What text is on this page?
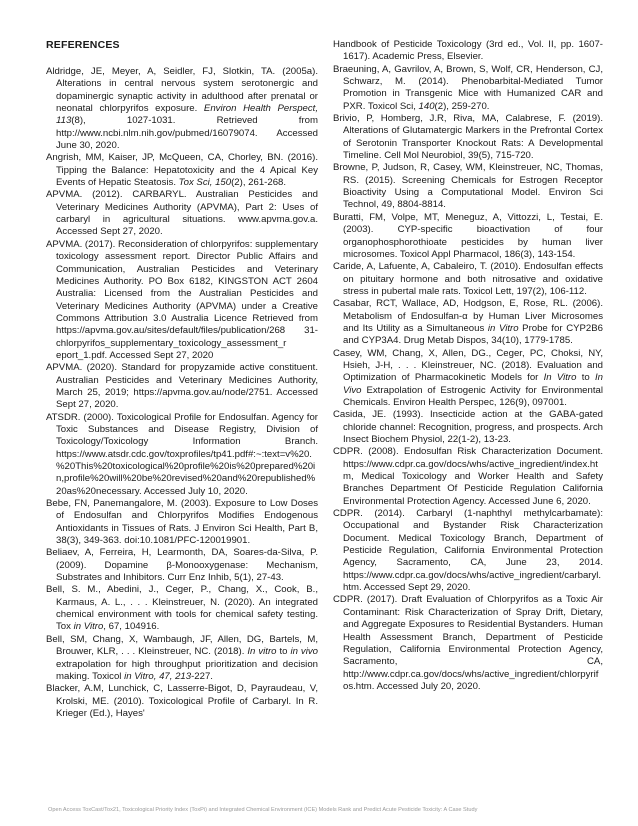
REFERENCES

Aldridge, JE, Meyer, A, Seidler, FJ, Slotkin, TA. (2005a). Alterations in central nervous system serotonergic and dopaminergic synaptic activity in adulthood after prenatal or neonatal chlorpyrifos exposure. Environ Health Perspect, 113(8), 1027-1031. Retrieved from http://www.ncbi.nlm.nih.gov/pubmed/16079074. Accessed June 30, 2020.

Angrish, MM, Kaiser, JP, McQueen, CA, Chorley, BN. (2016). Tipping the Balance: Hepatotoxicity and the 4 Apical Key Events of Hepatic Steatosis. Tox Sci, 150(2), 261-268.

APVMA. (2012). CARBARYL. Australian Pesticides and Veterinary Medicines Authority (APVMA), Part 2: Uses of carbaryl in agricultural situations. www.apvma.gov.a. Accessed Sept 27, 2020.

APVMA. (2017). Reconsideration of chlorpyrifos: supplementary toxicology assessment report. Director Public Affairs and Communication, Australian Pesticides and Veterinary Medicines Authority. PO Box 6182, KINGSTON ACT 2604 Australia: Licensed from the Australian Pesticides and Veterinary Medicines Authority (APVMA) under a Creative Commons Attribution 3.0 Australia Licence Retrieved from https://apvma.gov.au/sites/default/files/publication/268 31-chlorpyrifos_supplementary_toxicology_assessment_r eport_1.pdf. Accessed Sept 27, 2020

APVMA. (2020). Standard for propyzamide active constituent. Australian Pesticides and Veterinary Medicines Authority, March 25, 2019; https://apvma.gov.au/node/2751. Accessed Sept 27, 2020.

ATSDR. (2000). Toxicological Profile for Endosulfan. Agency for Toxic Substances and Disease Registry, Division of Toxicology/Toxicology Information Branch. https://www.atsdr.cdc.gov/toxprofiles/tp41.pdf#:~:text=v%20.%20This%20toxicological%20profile%20is%20prepared%20in,profile%20will%20be%20revised%20and%20republished%20as%20necessary. Accessed July 10, 2020.

Bebe, FN, Panemangalore, M. (2003). Exposure to Low Doses of Endosulfan and Chlorpyrifos Modifies Endogenous Antioxidants in Tissues of Rats. J Environ Sci Health, Part B, 38(3), 349-363. doi:10.1081/PFC-120019901.

Beliaev, A, Ferreira, H, Learmonth, DA, Soares-da-Silva, P. (2009). Dopamine β-Monooxygenase: Mechanism, Substrates and Inhibitors. Curr Enz Inhib, 5(1), 27-43.

Bell, S. M., Abedini, J., Ceger, P., Chang, X., Cook, B., Karmaus, A. L., . . . Kleinstreuer, N. (2020). An integrated chemical environment with tools for chemical safety testing. Tox in Vitro, 67, 104916.

Bell, SM, Chang, X, Wambaugh, JF, Allen, DG, Bartels, M, Brouwer, KLR, . . . Kleinstreuer, NC. (2018). In vitro to in vivo extrapolation for high throughput prioritization and decision making. Toxicol in Vitro, 47, 213-227.

Blacker, A.M, Lunchick, C, Lasserre-Bigot, D, Payraudeau, V, Krolski, ME. (2010). Toxicological Profile of Carbaryl. In R. Krieger (Ed.), Hayes'

Handbook of Pesticide Toxicology (3rd ed., Vol. II, pp. 1607-1617). Academic Press, Elsevier.

Braeuning, A, Gavrilov, A, Brown, S, Wolf, CR, Henderson, CJ, Schwarz, M. (2014). Phenobarbital-Mediated Tumor Promotion in Transgenic Mice with Humanized CAR and PXR. Toxicol Sci, 140(2), 259-270.

Brivio, P, Homberg, J.R, Riva, MA, Calabrese, F. (2019). Alterations of Glutamatergic Markers in the Prefrontal Cortex of Serotonin Transporter Knockout Rats: A Developmental Timeline. Cell Mol Neurobiol, 39(5), 715-720.

Browne, P, Judson, R, Casey, WM, Kleinstreuer, NC, Thomas, RS. (2015). Screening Chemicals for Estrogen Receptor Bioactivity Using a Computational Model. Environ Sci Technol, 49, 8804-8814.

Buratti, FM, Volpe, MT, Meneguz, A, Vittozzi, L, Testai, E. (2003). CYP-specific bioactivation of four organophosphorothioate pesticides by human liver microsomes. Toxicol Appl Pharmacol, 186(3), 143-154.

Caride, A, Lafuente, A, Cabaleiro, T. (2010). Endosulfan effects on pituitary hormone and both nitrosative and oxidative stress in pubertal male rats. Toxicol Lett, 197(2), 106-112.

Casabar, RCT, Wallace, AD, Hodgson, E, Rose, RL. (2006). Metabolism of Endosulfan-α by Human Liver Microsomes and Its Utility as a Simultaneous in Vitro Probe for CYP2B6 and CYP3A4. Drug Metab Dispos, 34(10), 1779-1785.

Casey, WM, Chang, X, Allen, DG., Ceger, PC, Choksi, NY, Hsieh, J-H, . . . Kleinstreuer, NC. (2018). Evaluation and Optimization of Pharmacokinetic Models for In Vitro to In Vivo Extrapolation of Estrogenic Activity for Environmental Chemicals. Environ Health Perspec, 126(9), 097001.

Casida, JE. (1993). Insecticide action at the GABA-gated chloride channel: Recognition, progress, and prospects. Arch Insect Biochem Physiol, 22(1-2), 13-23.

CDPR. (2008). Endosulfan Risk Characterization Document. https://www.cdpr.ca.gov/docs/whs/active_ingredient/index.htm, Medical Toxicology and Worker Health and Safety Branches Department Of Pesticide Regulation California Environmental Protection Agency. Accessed June 6, 2020.

CDPR. (2014). Carbaryl (1-naphthyl methylcarbamate): Occupational and Bystander Risk Characterization Document. Medical Toxicology Branch, Department of Pesticide Regulation, California Environmental Protection Agency, Sacramento, CA, June 23, 2014. https://www.cdpr.ca.gov/docs/whs/active_ingredient/carbaryl.htm. Accessed Sept 29, 2020.

CDPR. (2017). Draft Evaluation of Chlorpyrifos as a Toxic Air Contaminant: Risk Characterization of Spray Drift, Dietary, and Aggregate Exposures to Residential Bystanders. Human Health Assessment Branch, Department of Pesticide Regulation, California Environmental Protection Agency, Sacramento, CA, http://www.cdpr.ca.gov/docs/whs/active_ingredient/chlorpyrifos.htm. Accessed July 20, 2020.

Open Access ToxCast/Tox21, Toxicological Priority Index (ToxPi) and Integrated Chemical Environment (ICE) Models Rank and Predict Acute Pesticide Toxicity: A Case Study
